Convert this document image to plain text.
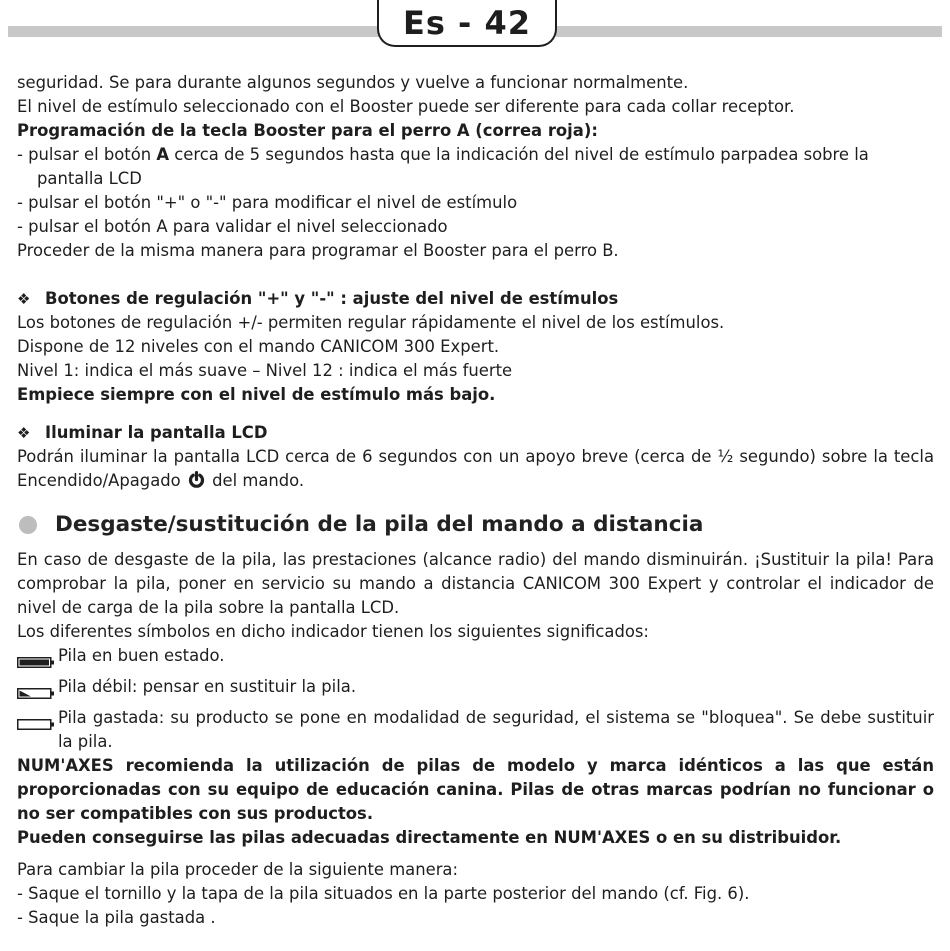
Es - 42

seguridad. Se para durante algunos segundos y vuelve a funcionar normalmente.

El nivel de estímulo seleccionado con el Booster puede ser diferente para cada collar receptor.

Programación de la tecla Booster para el perro A (correa roja):

- pulsar el botón A cerca de 5 segundos hasta que la indicación del nivel de estímulo parpadea sobre la pantalla LCD

- pulsar el botón "+" o "-" para modificar el nivel de estímulo

- pulsar el botón A para validar el nivel seleccionado

Proceder de la misma manera para programar el Booster para el perro B.

❖ Botones de regulación "+" y "-" : ajuste del nivel de estímulos

Los botones de regulación +/- permiten regular rápidamente el nivel de los estímulos.

Dispone de 12 niveles con el mando CANICOM 300 Expert.

Nivel 1: indica el más suave – Nivel 12 : indica el más fuerte

Empiece siempre con el nivel de estímulo más bajo.

❖ Iluminar la pantalla LCD

Podrán iluminar la pantalla LCD cerca de 6 segundos con un apoyo breve (cerca de ½ segundo) sobre la tecla Encendido/Apagado  del mando.

Desgaste/sustitución de la pila del mando a distancia

En caso de desgaste de la pila, las prestaciones (alcance radio) del mando disminuirán. ¡Sustituir la pila! Para comprobar la pila, poner en servicio su mando a distancia CANICOM 300 Expert y controlar el indicador de nivel de carga de la pila sobre la pantalla LCD.

Los diferentes símbolos en dicho indicador tienen los siguientes significados:

Pila en buen estado.
Pila débil: pensar en sustituir la pila.
Pila gastada: su producto se pone en modalidad de seguridad, el sistema se "bloquea". Se debe sustituir la pila.

NUM'AXES recomienda la utilización de pilas de modelo y marca idénticos a las que están proporcionadas con su equipo de educación canina. Pilas de otras marcas podrían no funcionar o no ser compatibles con sus productos.

Pueden conseguirse las pilas adecuadas directamente en NUM'AXES o en su distribuidor.

Para cambiar la pila proceder de la siguiente manera:

- Saque el tornillo y la tapa de la pila situados en la parte posterior del mando (cf. Fig. 6).

- Saque la pila gastada .
